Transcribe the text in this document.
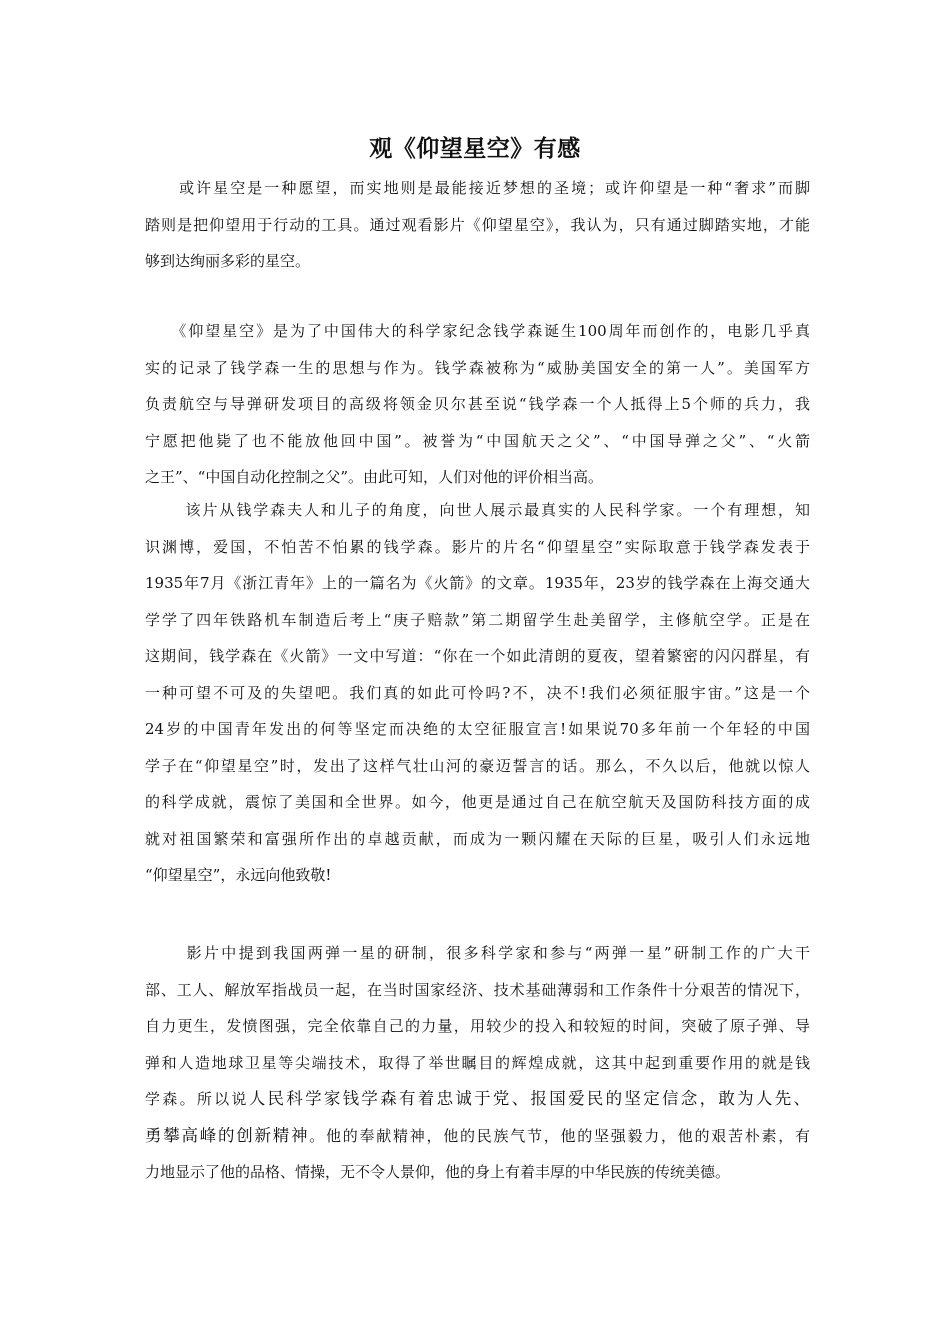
观《仰望星空》有感
　　或许星空是一种愿望，而实地则是最能接近梦想的圣境；或许仰望是一种“奢求”而脚
踏则是把仰望用于行动的工具。通过观看影片《仰望星空》，我认为，只有通过脚踏实地，才能
够到达绚丽多彩的星空。
　　《仰望星空》是为了中国伟大的科学家纪念钱学森诞生100周年而创作的，电影几乎真
实的记录了钱学森一生的思想与作为。钱学森被称为“威胁美国安全的第一人”。美国军方
负责航空与导弹研发项目的高级将领金贝尔甚至说“钱学森一个人抵得上5个师的兵力，我
宁愿把他毙了也不能放他回中国”。被誉为“中国航天之父”、“中国导弹之父”、“火箭
之王”、“中国自动化控制之父”。由此可知，人们对他的评价相当高。
　　 该片从钱学森夫人和儿子的角度，向世人展示最真实的人民科学家。一个有理想，知
识渊博，爱国，不怕苦不怕累的钱学森。影片的片名“仰望星空”实际取意于钱学森发表于
1935年7月《浙江青年》上的一篇名为《火箭》的文章。1935年，23岁的钱学森在上海交通大
学学了四年铁路机车制造后考上“庚子赔款”第二期留学生赴美留学，主修航空学。正是在
这期间，钱学森在《火箭》一文中写道：“你在一个如此清朗的夏夜，望着繁密的闪闪群星，有
一种可望不可及的失望吧。我们真的如此可怜吗?不，决不!我们必须征服宇宙。”这是一个
24岁的中国青年发出的何等坚定而决绝的太空征服宣言!如果说70多年前一个年轻的中国
学子在“仰望星空”时，发出了这样气壮山河的豪迈誓言的话。那么，不久以后，他就以惊人
的科学成就，震惊了美国和全世界。如今，他更是通过自己在航空航天及国防科技方面的成
就对祖国繁荣和富强所作出的卓越贡献，而成为一颗闪耀在天际的巨星，吸引人们永远地
“仰望星空”，永远向他致敬!
　　 影片中提到我国两弹一星的研制，很多科学家和参与“两弹一星”研制工作的广大干
部、工人、解放军指战员一起，在当时国家经济、技术基础薄弱和工作条件十分艰苦的情况下，
自力更生，发愤图强，完全依靠自己的力量，用较少的投入和较短的时间，突破了原子弹、导
弹和人造地球卫星等尖端技术，取得了举世瞩目的辉煌成就，这其中起到重要作用的就是钱
学森。所以说人民科学家钱学森有着忠诚于党、报国爱民的坚定信念，敢为人先、
勇攀高峰的创新精神。他的奉献精神，他的民族气节，他的坚强毅力，他的艰苦朴素，有
力地显示了他的品格、情操，无不令人景仰，他的身上有着丰厚的中华民族的传统美德。
